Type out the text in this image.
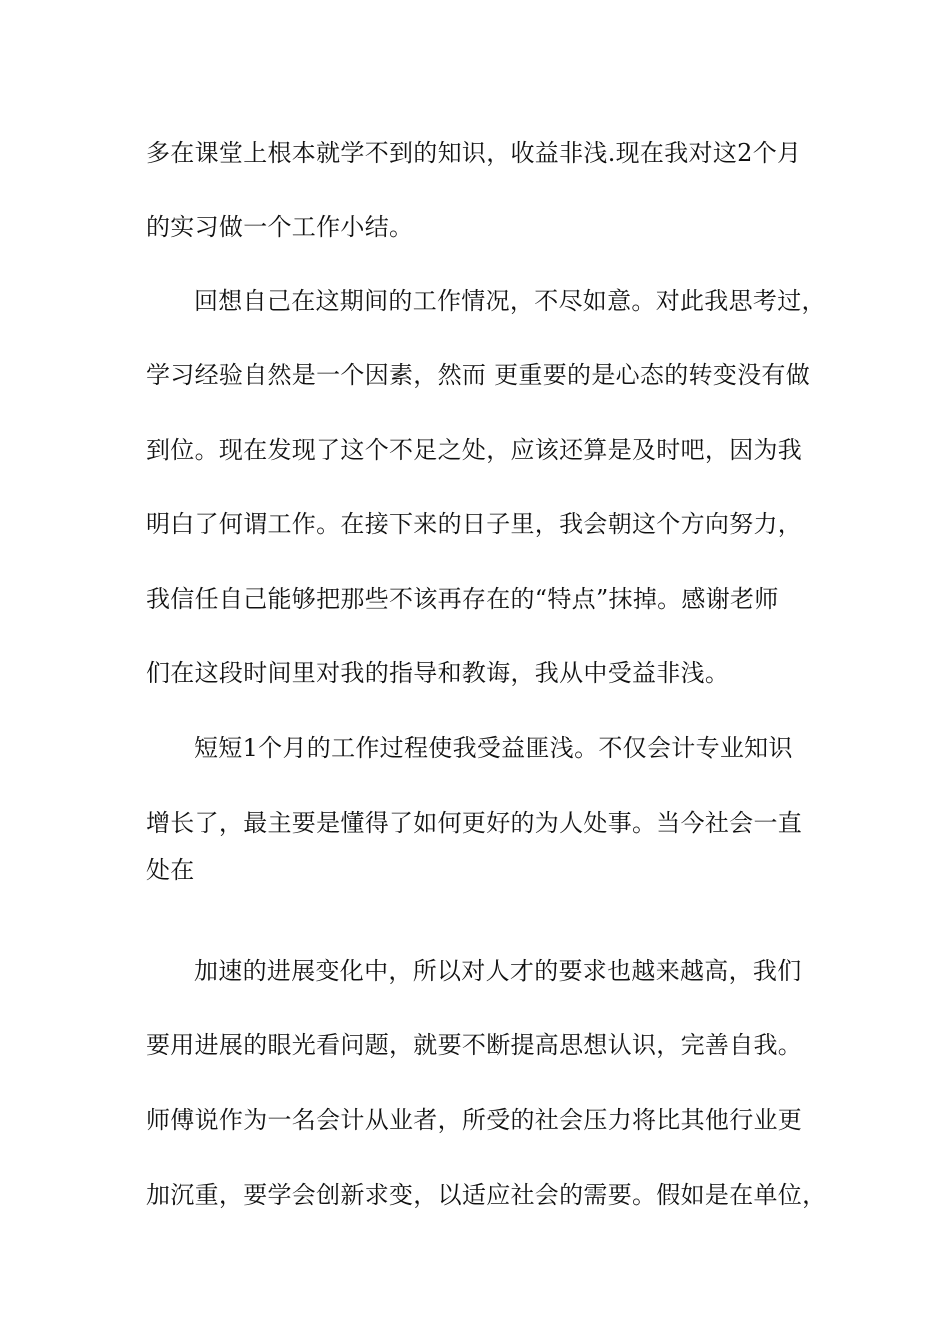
多在课堂上根本就学不到的知识，收益非浅.现在我对这2个月

的实习做一个工作小结。

回想自己在这期间的工作情况，不尽如意。对此我思考过，

学习经验自然是一个因素，然而 更重要的是心态的转变没有做

到位。现在发现了这个不足之处，应该还算是及时吧，因为我

明白了何谓工作。在接下来的日子里，我会朝这个方向努力，

我信任自己能够把那些不该再存在的“特点”抹掉。感谢老师

们在这段时间里对我的指导和教诲，我从中受益非浅。

短短1个月的工作过程使我受益匪浅。不仅会计专业知识

增长了，最主要是懂得了如何更好的为人处事。当今社会一直

处在

加速的进展变化中，所以对人才的要求也越来越高，我们

要用进展的眼光看问题，就要不断提高思想认识，完善自我。

师傅说作为一名会计从业者，所受的社会压力将比其他行业更

加沉重，要学会创新求变，以适应社会的需要。假如是在单位，
